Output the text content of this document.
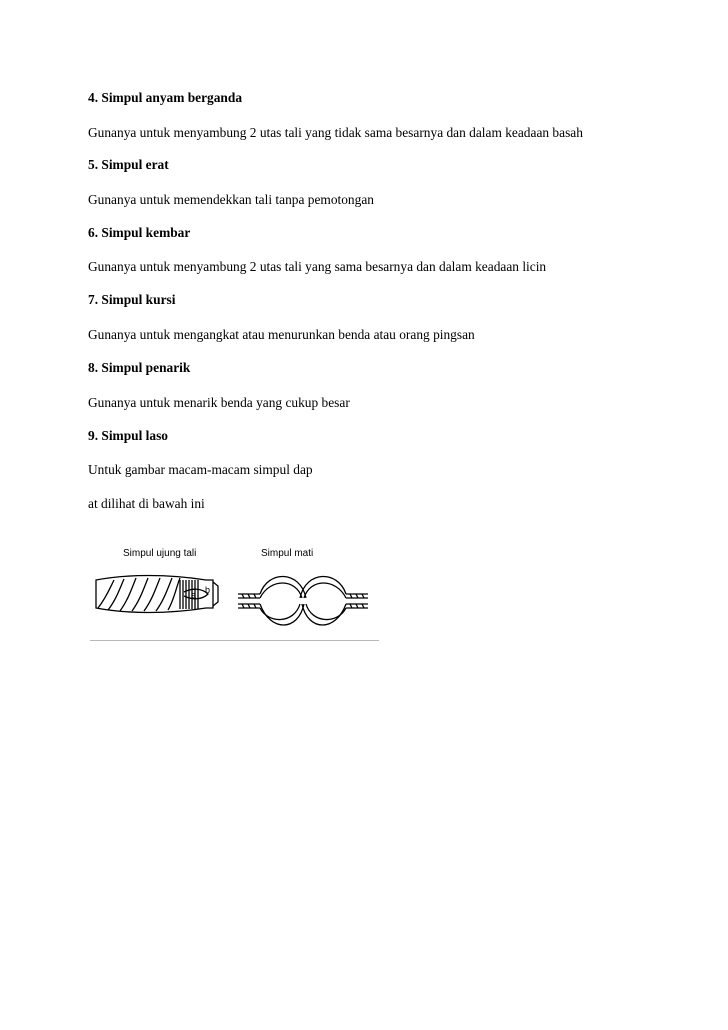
4. Simpul anyam berganda
Gunanya untuk menyambung 2 utas tali yang tidak sama besarnya dan dalam keadaan basah
5. Simpul erat
Gunanya untuk memendekkan tali tanpa pemotongan
6. Simpul kembar
Gunanya untuk menyambung 2 utas tali yang sama besarnya dan dalam keadaan licin
7. Simpul kursi
Gunanya untuk mengangkat atau menurunkan benda atau orang pingsan
8. Simpul penarik
Gunanya untuk menarik benda yang cukup besar
9. Simpul laso
Untuk gambar macam-macam simpul dap
at dilihat di bawah ini
Simpul ujung tali	Simpul mati
a b
